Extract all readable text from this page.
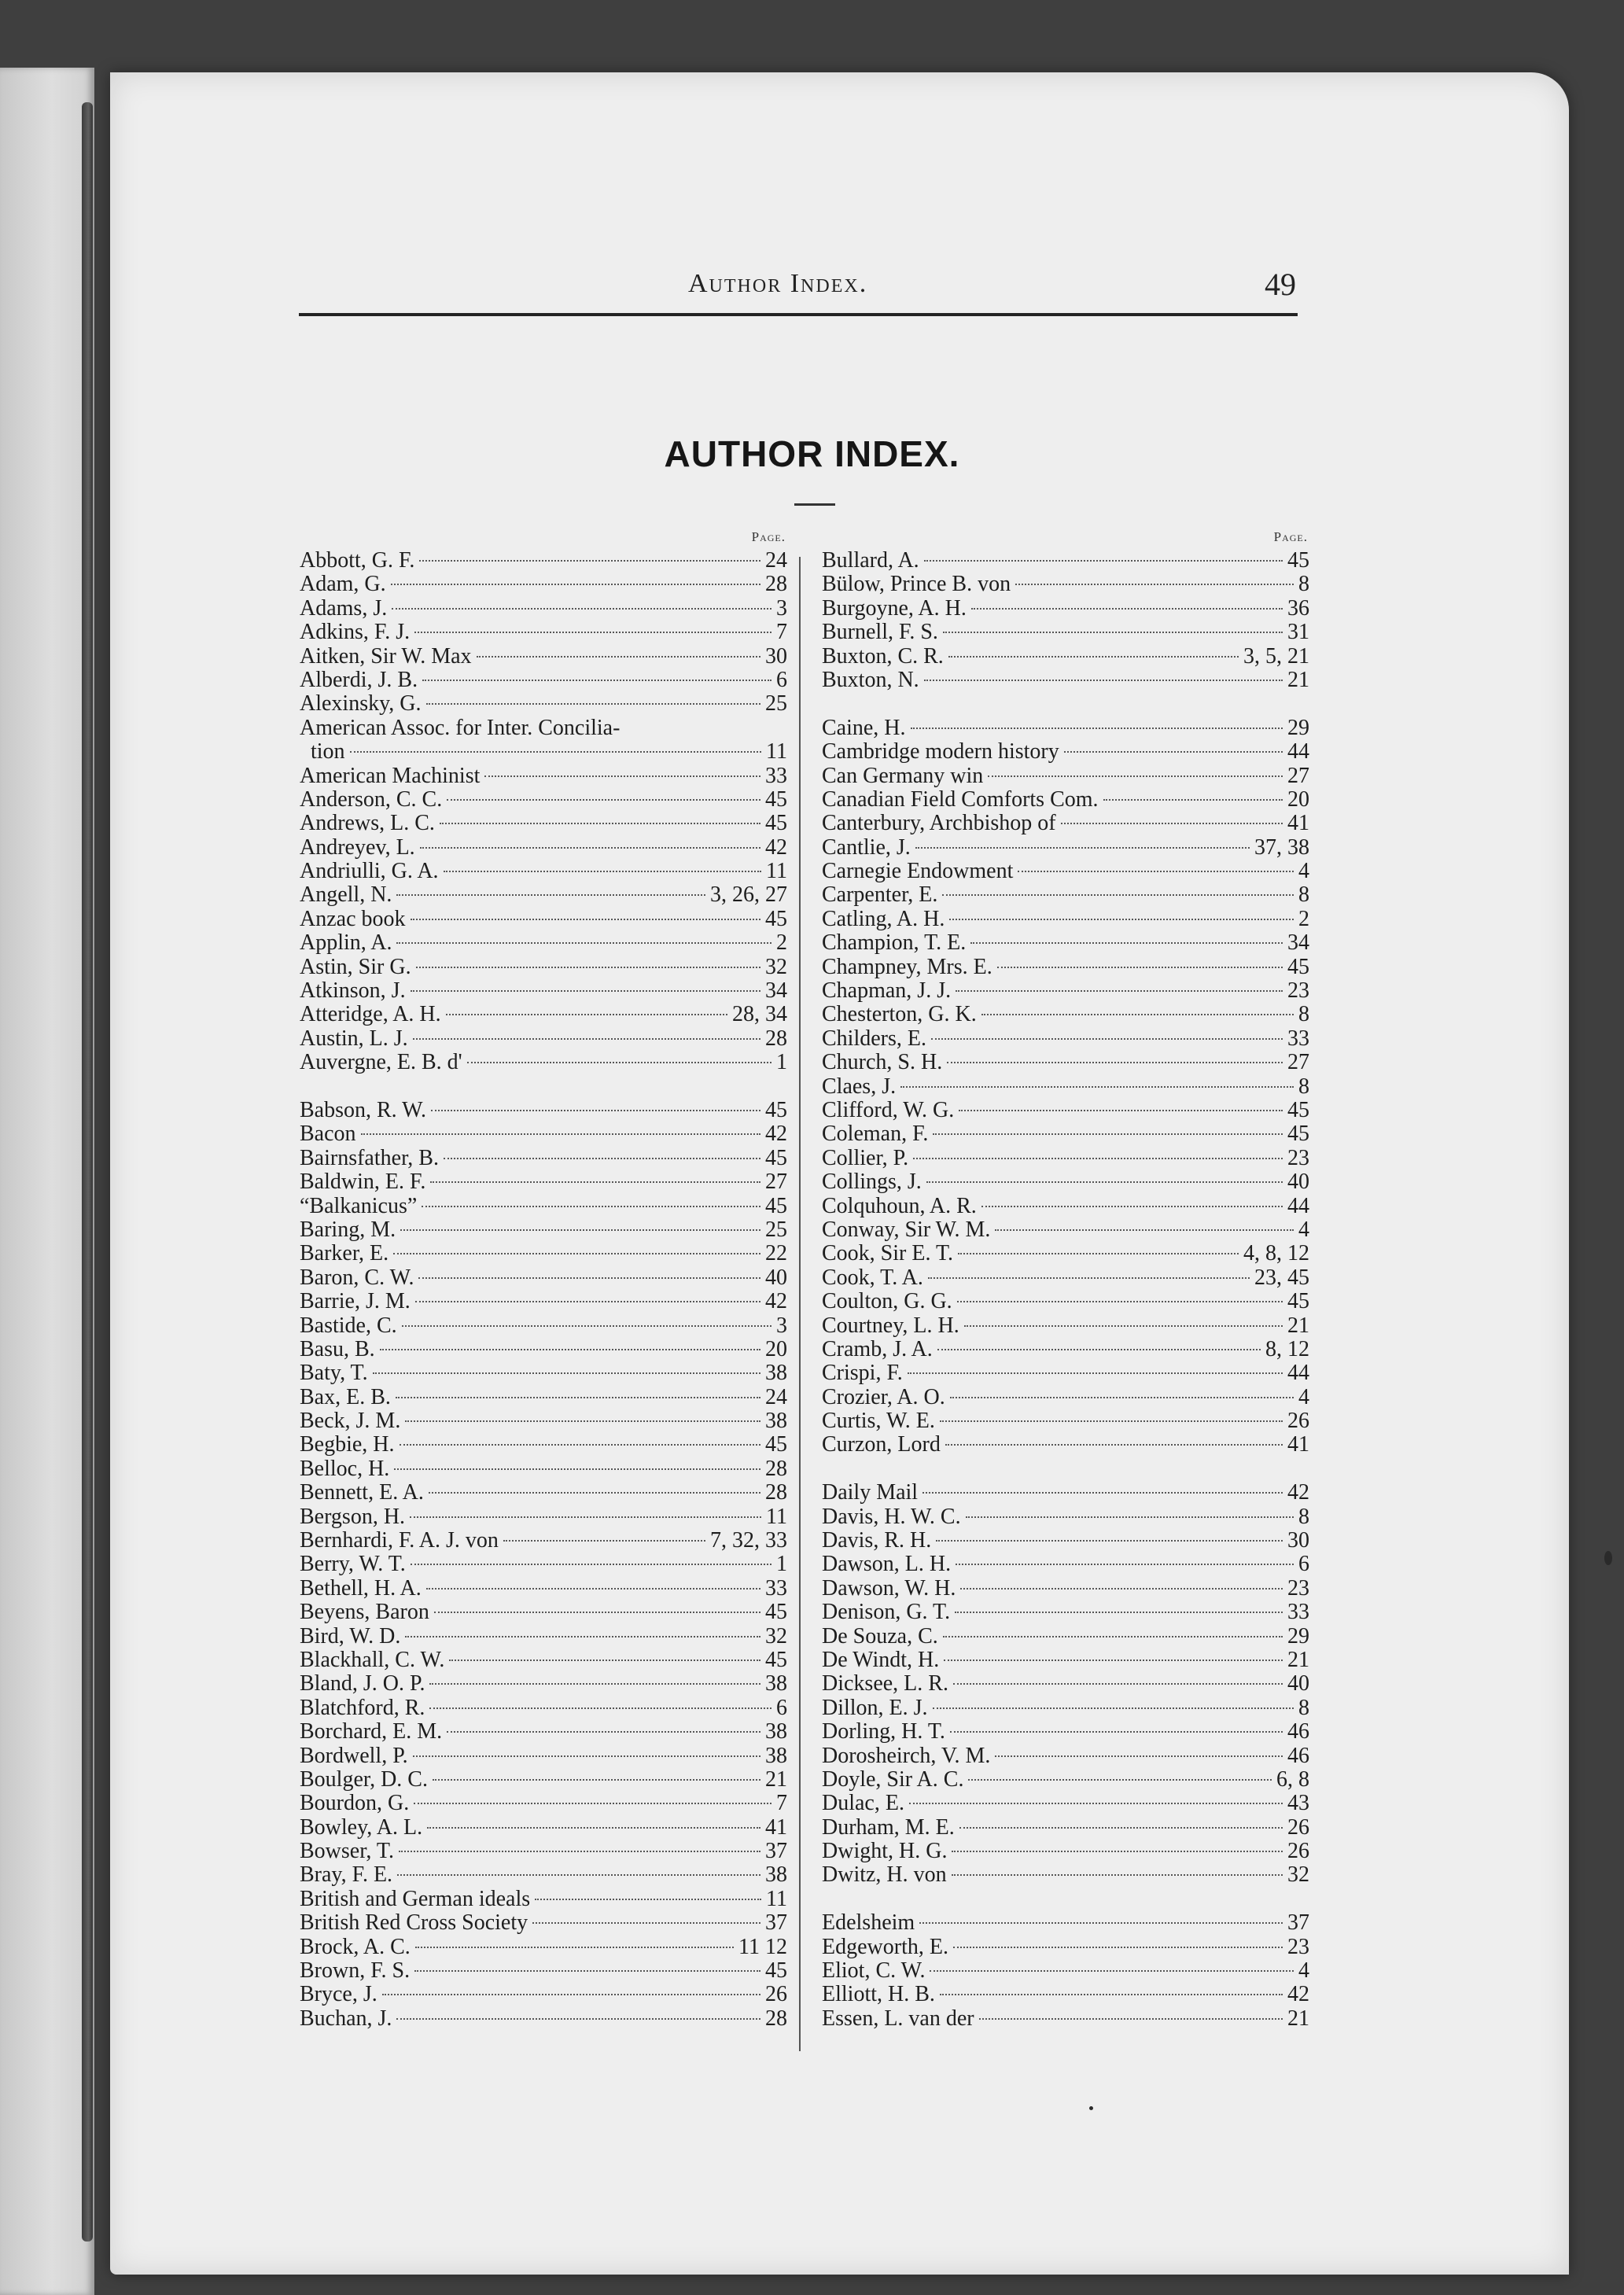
Author Index.	49
AUTHOR INDEX.
Page.
Abbott, G. F.	24
Adam, G.	28
Adams, J.	3
Adkins, F. J.	7
Aitken, Sir W. Max	30
Alberdi, J. B.	6
Alexinsky, G.	25
American Assoc. for Inter. Concilia-
tion	11
American Machinist	33
Anderson, C. C.	45
Andrews, L. C.	45
Andreyev, L.	42
Andriulli, G. A.	11
Angell, N.	3, 26, 27
Anzac book	45
Applin, A.	2
Astin, Sir G.	32
Atkinson, J.	34
Atteridge, A. H.	28, 34
Austin, L. J.	28
Auvergne, E. B. d'	1
Babson, R. W.	45
Bacon	42
Bairnsfather, B.	45
Baldwin, E. F.	27
“Balkanicus”	45
Baring, M.	25
Barker, E.	22
Baron, C. W.	40
Barrie, J. M.	42
Bastide, C.	3
Basu, B.	20
Baty, T.	38
Bax, E. B.	24
Beck, J. M.	38
Begbie, H.	45
Belloc, H.	28
Bennett, E. A.	28
Bergson, H.	11
Bernhardi, F. A. J. von	7, 32, 33
Berry, W. T.	1
Bethell, H. A.	33
Beyens, Baron	45
Bird, W. D.	32
Blackhall, C. W.	45
Bland, J. O. P.	38
Blatchford, R.	6
Borchard, E. M.	38
Bordwell, P.	38
Boulger, D. C.	21
Bourdon, G.	7
Bowley, A. L.	41
Bowser, T.	37
Bray, F. E.	38
British and German ideals	11
British Red Cross Society	37
Brock, A. C.	11 12
Brown, F. S.	45
Bryce, J.	26
Buchan, J.	28
Page.
Bullard, A.	45
Bülow, Prince B. von	8
Burgoyne, A. H.	36
Burnell, F. S.	31
Buxton, C. R.	3, 5, 21
Buxton, N.	21
Caine, H.	29
Cambridge modern history	44
Can Germany win	27
Canadian Field Comforts Com.	20
Canterbury, Archbishop of	41
Cantlie, J.	37, 38
Carnegie Endowment	4
Carpenter, E.	8
Catling, A. H.	2
Champion, T. E.	34
Champney, Mrs. E.	45
Chapman, J. J.	23
Chesterton, G. K.	8
Childers, E.	33
Church, S. H.	27
Claes, J.	8
Clifford, W. G.	45
Coleman, F.	45
Collier, P.	23
Collings, J.	40
Colquhoun, A. R.	44
Conway, Sir W. M.	4
Cook, Sir E. T.	4, 8, 12
Cook, T. A.	23, 45
Coulton, G. G.	45
Courtney, L. H.	21
Cramb, J. A.	8, 12
Crispi, F.	44
Crozier, A. O.	4
Curtis, W. E.	26
Curzon, Lord	41
Daily Mail	42
Davis, H. W. C.	8
Davis, R. H.	30
Dawson, L. H.	6
Dawson, W. H.	23
Denison, G. T.	33
De Souza, C.	29
De Windt, H.	21
Dicksee, L. R.	40
Dillon, E. J.	8
Dorling, H. T.	46
Dorosheirch, V. M.	46
Doyle, Sir A. C.	6, 8
Dulac, E.	43
Durham, M. E.	26
Dwight, H. G.	26
Dwitz, H. von	32
Edelsheim	37
Edgeworth, E.	23
Eliot, C. W.	4
Elliott, H. B.	42
Essen, L. van der	21
